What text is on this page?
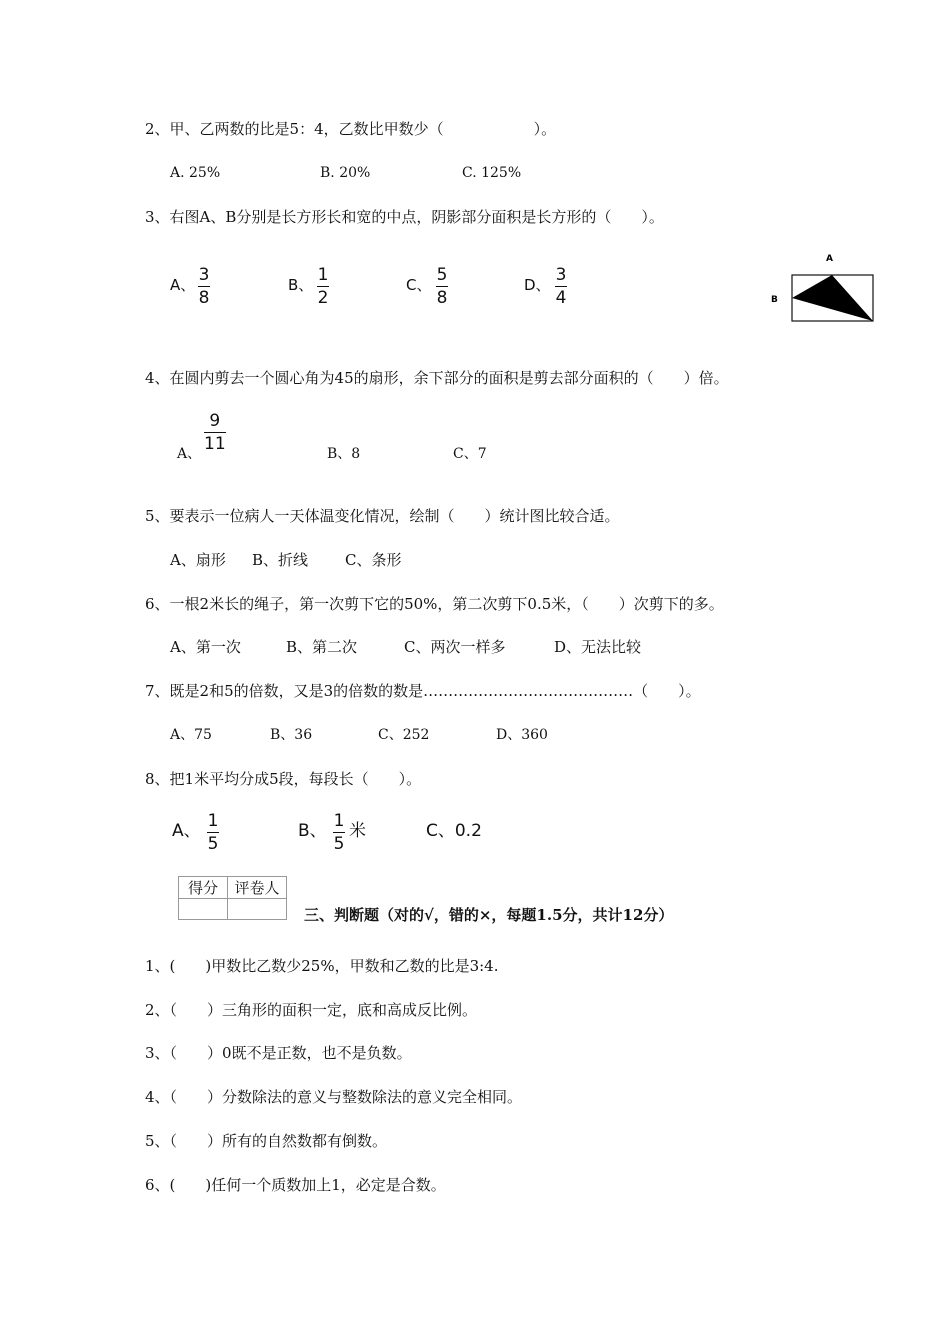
2、甲、乙两数的比是5：4，乙数比甲数少（　　　　　　）。
A. 25%	B. 20%	C. 125%
3、右图A、B分别是长方形长和宽的中点，阴影部分面积是长方形的（　　）。
A、 3
8
B、 1
2
C、 5
8
D、 3
4
A
B
4、在圆内剪去一个圆心角为45的扇形，余下部分的面积是剪去部分面积的（　　）倍。
A、
9
11	B、8	C、7
5、要表示一位病人一天体温变化情况，绘制（　　）统计图比较合适。
A、扇形 B、折线 C、条形
6、一根2米长的绳子，第一次剪下它的50%，第二次剪下0.5米，（　　）次剪下的多。
A、第一次	B、第二次	C、两次一样多	D、无法比较
7、既是2和5的倍数，又是3的倍数的数是……………………………………（　　）。
A、75	B、36	C、252	D、360
8、把1米平均分成5段，每段长（　　）。
A、 1
5
B、 1
5
米	C、0.2
得分	评卷人

三、判断题（对的√，错的×，每题1.5分，共计12分）
1、(　　)甲数比乙数少25%，甲数和乙数的比是3:4.
2、（　　）三角形的面积一定，底和高成反比例。
3、（　　）0既不是正数，也不是负数。
4、（　　）分数除法的意义与整数除法的意义完全相同。
5、（　　）所有的自然数都有倒数。
6、(　　)任何一个质数加上1，必定是合数。
